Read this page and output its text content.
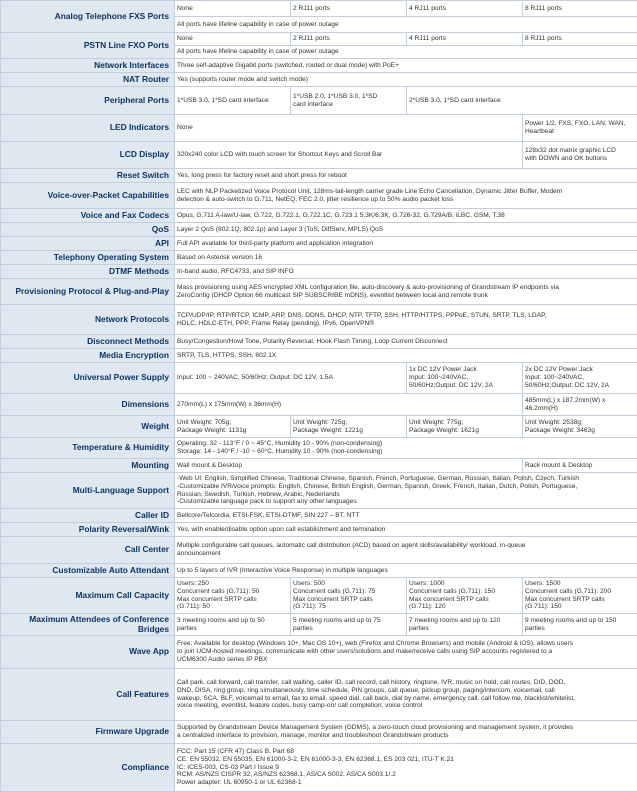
Analog Telephone FXS Ports	None	2 RJ11 ports	4 RJ11 ports	8 RJ11 ports

	All ports have lifeline capability in case of power outage			

PSTN Line FXO Ports	None	2 RJ11 ports	4 RJ11 ports	8 RJ11 ports

	All ports have lifeline capability in case of power outage			

Network Interfaces	Three self-adaptive Gigabit ports (switched, routed or dual mode) with PoE+			

NAT Router	Yes (supports router mode and switch mode)			

Peripheral Ports	1*USB 3.0, 1*SD card interface	1*USB 2.0, 1*USB 3.0, 1*SD
card interface	2*USB 3.0, 1*SD card interface	

LED Indicators	None			Power 1/2, FXS, FXO, LAN, WAN,
Heartbeat

LCD Display	320x240 color LCD with touch screen for Shortcut Keys and Scroll Bar			128x32 dot matrix graphic LCD
with DOWN and OK buttons

Reset Switch	Yes, long press for factory reset and short press for reboot			

Voice-over-Packet Capabilities	LEC with NLP Packetized Voice Protocol Unit, 128ms-tail-length carrier grade Line Echo Cancellation, Dynamic Jitter Buffer, Modem
detection & auto-switch to G.711, NetEQ, FEC 2.0, jitter resilience up to 50% audio packet loss			

Voice and Fax Codecs	Opus, G.711 A-law/U-law, G.722, G.722.1, G.722.1C, G.723.1 5.3K/6.3K, G.726-32, G.729A/B, iLBC, GSM, T.38			

QoS	Layer 2 QoS (802.1Q, 802.1p) and Layer 3 (ToS, DiffServ, MPLS) QoS			

API	Full API available for third-party platform and application integration			

Telephony Operating System	Based on Asterisk version 16			

DTMF Methods	In-band audio, RFC4733, and SIP INFO			

Provisioning Protocol & Plug-and-Play	Mass provisioning using AES encrypted XML configuration file, auto-discovery & auto-provisioning of Grandstream IP endpoints via
ZeroConfig (DHCP Option 66 multicast SIP SUBSCRIBE mDNS), eventlist between local and remote trunk			

Network Protocols	TCP/UDP/IP, RTP/RTCP, ICMP, ARP, DNS, DDNS, DHCP, NTP, TFTP, SSH, HTTP/HTTPS, PPPoE, STUN, SRTP, TLS, LDAP,
HDLC, HDLC-ETH, PPP, Frame Relay (pending), IPv6, OpenVPN®			

Disconnect Methods	Busy/Congestion/Howl Tone, Polarity Reversal, Hook Flash Timing, Loop Current Disconnect			

Media Encryption	SRTP, TLS, HTTPS, SSH, 802.1X			

Universal Power Supply	Input: 100 ~ 240VAC, 50/60Hz; Output: DC 12V, 1.5A		1x DC 12V Power Jack
Input: 100~240VAC,
50/60Hz;Output: DC 12V, 2A	2x DC 12V Power Jack
Input: 100~240VAC,
50/60Hz;Output: DC 12V, 2A

Dimensions	270mm(L) x 175mm(W) x 36mm(H)			485mm(L) x 187.2mm(W) x
46.2mm(H)

Weight	Unit Weight: 705g;
Package Weight: 1131g	Unit Weight: 725g;
Package Weight: 1221g	Unit Weight: 775g;
Package Weight: 1621g	Unit Weight: 2538g;
Package Weight: 3463g

Temperature & Humidity	Operating: 32 - 113°F / 0 ~ 45°C, Humidity 10 - 90% (non-condensing)
Storage: 14 - 140°F / -10 ~ 60°C, Humidity 10 - 90% (non-condensing)			

Mounting	Wall mount & Desktop			Rack mount & Desktop

Multi-Language Support	-Web UI: English, Simplified Chinese, Traditional Chinese, Spanish, French, Portuguese, German, Russian, Italian, Polish, Czech, Turkish
-Customizable IVR/voice prompts: English, Chinese, British English, German, Spanish, Greek, French, Italian, Dutch, Polish, Portuguese,
Russian, Swedish, Turkish, Hebrew, Arabic, Nederlands
-Customizable language pack to support any other languages			

Caller ID	Bellcore/Telcordia, ETSI-FSK, ETSI-DTMF, SIN 227 – BT, NTT			

Polarity Reversal/Wink	Yes, with enable/disable option upon call establishment and termination			

Call Center	Multiple configurable call queues, automatic call distribution (ACD) based on agent skills/availability/ workload, in-queue
announcement			

Customizable Auto Attendant	Up to 5 layers of IVR (Interactive Voice Response) in multiple languages			

Maximum Call Capacity	Users: 250
Concurrent calls (G.711): 50
Max concurrent SRTP calls
(G.711): 50	Users: 500
Concurrent calls (G.711): 75
Max concurrent SRTP calls
(G.711): 75	Users: 1000
Concurrent calls (G.711): 150
Max concurrent SRTP calls
(G.711): 120	Users: 1500
Concurrent calls (G.711): 200
Max concurrent SRTP calls
(G.711): 150

Maximum Attendees of Conference Bridges	3 meeting rooms and up to 50
parties	5 meeting rooms and up to 75
parties	7 meeting rooms and up to 120
parties	9 meeting rooms and up to 150
parties

Wave App	Free; Available for desktop (Windows 10+, Mac OS 10+), web (Firefox and Chrome Browsers) and mobile (Android & iOS), allows users
to join UCM-hosted meetings, communicate with other users/solutions and make/receive calls using SIP accounts registered to a
UCM6300 Audio series IP PBX			

Call Features	Call park, call forward, call transfer, call waiting, caller ID, call record, call history, ringtone, IVR, music on hold, call routes, DID, DOD,
DND, DISA, ring group, ring simultaneously, time schedule, PIN groups, call queue, pickup group, paging/intercom, voicemail, call
wakeup, SCA, BLF, voicemail to email, fax to email, speed dial, call back, dial by name, emergency call, call follow me, blacklist/whitelist,
voice meeting, eventlist, feature codes, busy camp-on/ call completion, voice control			

Firmware Upgrade	Supported by Grandstream Device Management System (GDMS), a zero-touch cloud provisioning and management system, it provides
a centralized interface to provision, manage, monitor and troubleshoot Grandstream products			

Compliance	FCC: Part 15 (CFR 47) Class B, Part 68
CE: EN 55032, EN 55035, EN 61000-3-2, EN 61000-3-3, EN 62368.1, ES 203 021, ITU-T K.21
IC: ICES-003, CS-03 Part I Issue 9
RCM: AS/NZS CISPR 32, AS/NZS 62368.1, AS/CA S002, AS/CA S003.1/.2
Power adapter: UL 60950-1 or UL 62368-1			
